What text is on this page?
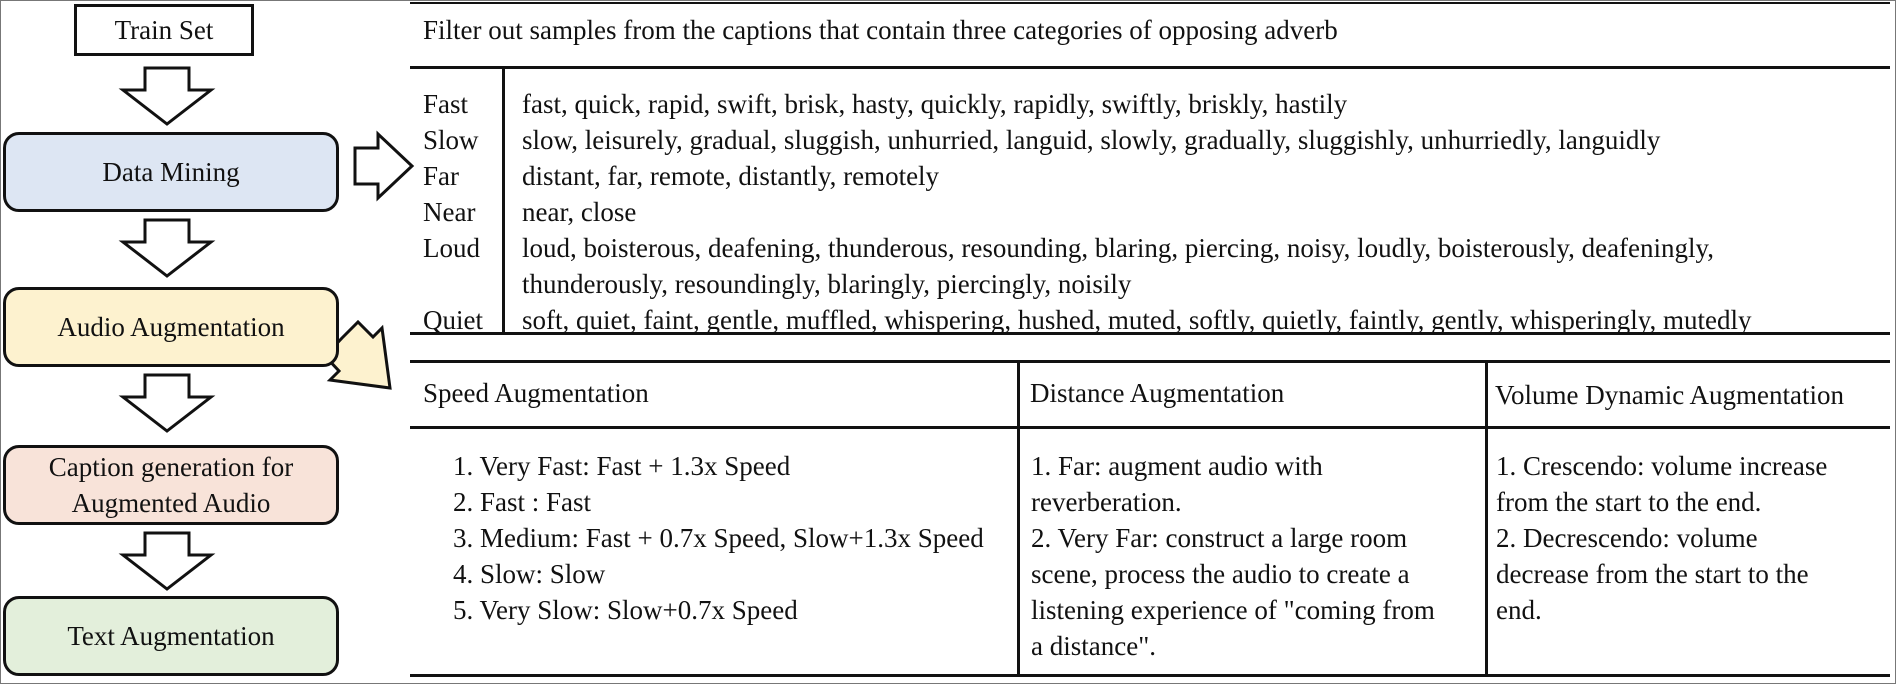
Train Set
Data Mining
Audio Augmentation
Caption generation for
Augmented Audio
Text Augmentation
Filter out samples from the captions that contain three categories of opposing adverb
Fast
Slow
Far
Near
Loud
Quiet
fast, quick, rapid, swift, brisk, hasty, quickly, rapidly, swiftly, briskly, hastily
slow, leisurely, gradual, sluggish, unhurried, languid, slowly, gradually, sluggishly, unhurriedly, languidly
distant, far, remote, distantly, remotely
near, close
loud, boisterous, deafening, thunderous, resounding, blaring, piercing, noisy, loudly, boisterously, deafeningly,
thunderously, resoundingly, blaringly, piercingly, noisily
soft, quiet, faint, gentle, muffled, whispering, hushed, muted, softly, quietly, faintly, gently, whisperingly, mutedly
Speed Augmentation	Distance Augmentation	Volume Dynamic Augmentation
1. Very Fast: Fast + 1.3x Speed
2. Fast : Fast
3. Medium: Fast + 0.7x Speed, Slow+1.3x Speed
4. Slow: Slow
5. Very Slow: Slow+0.7x Speed
1. Far: augment audio with
reverberation.
2. Very Far: construct a large room
scene, process the audio to create a
listening experience of "coming from
a distance".
1. Crescendo: volume increase
from the start to the end.
2. Decrescendo: volume
decrease from the start to the
end.
